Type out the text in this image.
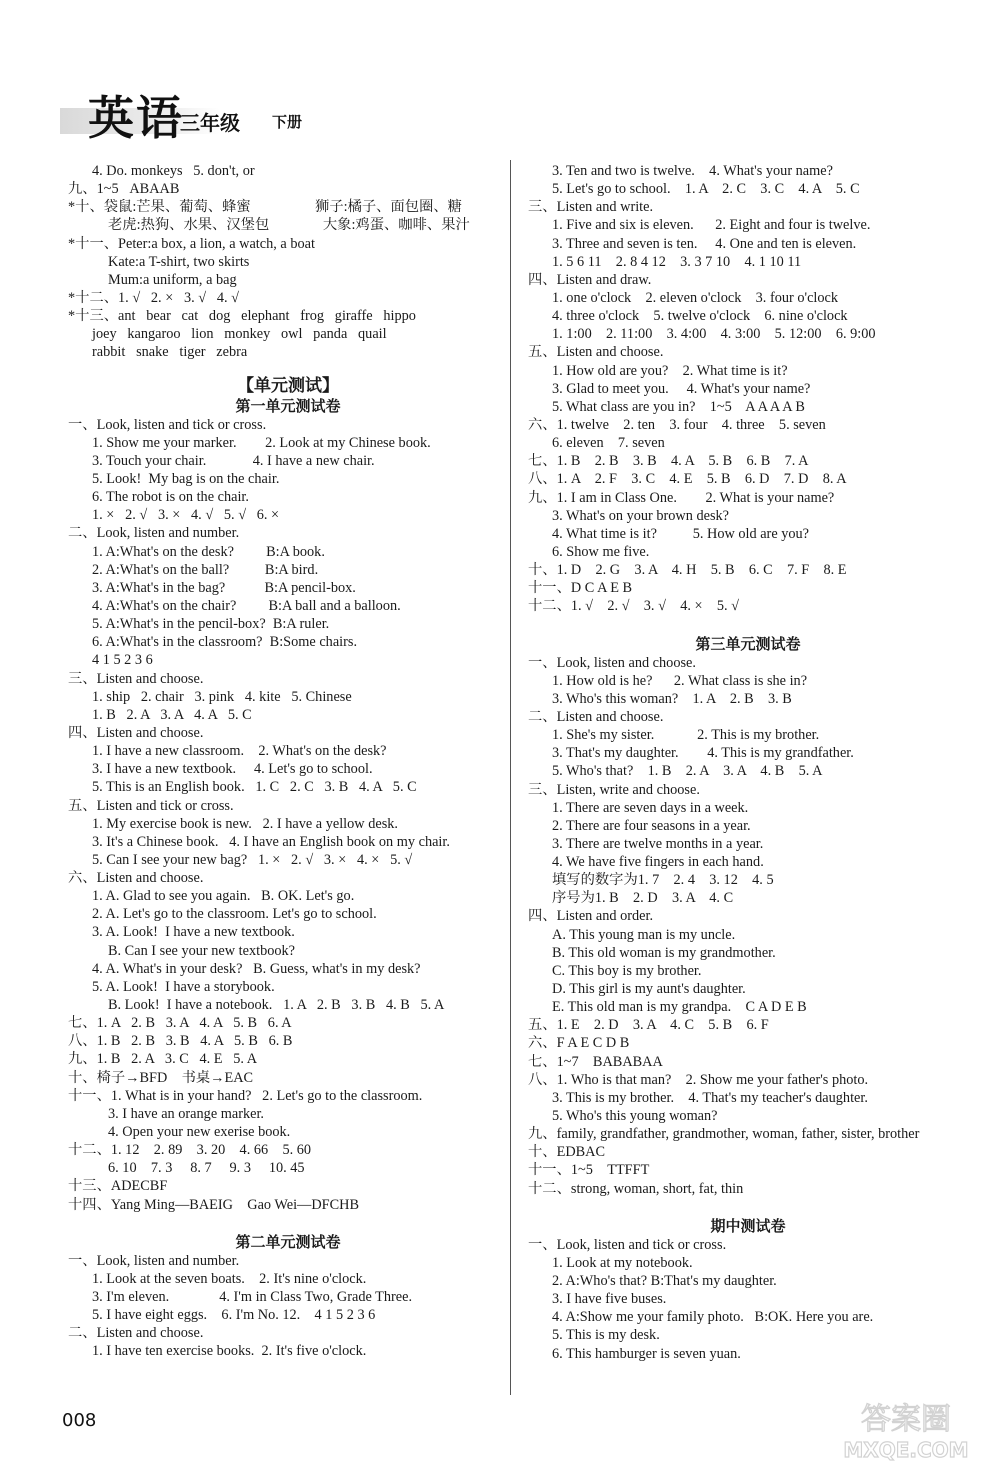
英语
三年级 下册
4. Do. monkeys   5. don't, or
九、1~5   ABAAB
*十、袋鼠:芒果、葡萄、蜂蜜                  狮子:橘子、面包圈、糖
老虎:热狗、水果、汉堡包               大象:鸡蛋、咖啡、果汁
*十一、Peter:a box, a lion, a watch, a boat
Kate:a T-shirt, two skirts
Mum:a uniform, a bag
*十二、1. √   2. ×   3. √   4. √
*十三、ant   bear   cat   dog   elephant   frog   giraffe   hippo
joey   kangaroo   lion   monkey   owl   panda   quail
rabbit   snake   tiger   zebra
【单元测试】
第一单元测试卷
一、Look, listen and tick or cross.
1. Show me your marker.        2. Look at my Chinese book.
3. Touch your chair.             4. I have a new chair.
5. Look!  My bag is on the chair.
6. The robot is on the chair.
1. ×   2. √   3. ×   4. √   5. √   6. ×
二、Look, listen and number.
1. A:What's on the desk?         B:A book.
2. A:What's on the ball?          B:A bird.
3. A:What's in the bag?           B:A pencil-box.
4. A:What's on the chair?         B:A ball and a balloon.
5. A:What's in the pencil-box?  B:A ruler.
6. A:What's in the classroom?  B:Some chairs.
4 1 5 2 3 6
三、Listen and choose.
1. ship   2. chair   3. pink   4. kite   5. Chinese
1. B   2. A   3. A   4. A   5. C
四、Listen and choose.
1. I have a new classroom.    2. What's on the desk?
3. I have a new textbook.     4. Let's go to school.
5. This is an English book.   1. C   2. C   3. B   4. A   5. C
五、Listen and tick or cross.
1. My exercise book is new.   2. I have a yellow desk.
3. It's a Chinese book.   4. I have an English book on my chair.
5. Can I see your new bag?   1. ×   2. √   3. ×   4. ×   5. √
六、Listen and choose.
1. A. Glad to see you again.   B. OK. Let's go.
2. A. Let's go to the classroom. Let's go to school.
3. A. Look!  I have a new textbook.
B. Can I see your new textbook?
4. A. What's in your desk?   B. Guess, what's in my desk?
5. A. Look!  I have a storybook.
B. Look!  I have a notebook.   1. A   2. B   3. B   4. B   5. A
七、1. A   2. B   3. A   4. A   5. B   6. A
八、1. B   2. B   3. B   4. A   5. B   6. B
九、1. B   2. A   3. C   4. E   5. A
十、椅子→BFD    书桌→EAC
十一、1. What is in your hand?   2. Let's go to the classroom.
3. I have an orange marker.
4. Open your new exerise book.
十二、1. 12    2. 89    3. 20    4. 66    5. 60
6. 10    7. 3     8. 7     9. 3     10. 45
十三、ADECBF
十四、Yang Ming—BAEIG    Gao Wei—DFCHB
第二单元测试卷
一、Look, listen and number.
1. Look at the seven boats.    2. It's nine o'clock.
3. I'm eleven.              4. I'm in Class Two, Grade Three.
5. I have eight eggs.    6. I'm No. 12.    4 1 5 2 3 6
二、Listen and choose.
1. I have ten exercise books.  2. It's five o'clock.
3. Ten and two is twelve.    4. What's your name?
5. Let's go to school.    1. A    2. C    3. C    4. A    5. C
三、Listen and write.
1. Five and six is eleven.      2. Eight and four is twelve.
3. Three and seven is ten.     4. One and ten is eleven.
1. 5 6 11    2. 8 4 12    3. 3 7 10    4. 1 10 11
四、Listen and draw.
1. one o'clock    2. eleven o'clock    3. four o'clock
4. three o'clock    5. twelve o'clock    6. nine o'clock
1. 1:00    2. 11:00    3. 4:00    4. 3:00    5. 12:00    6. 9:00
五、Listen and choose.
1. How old are you?    2. What time is it?
3. Glad to meet you.     4. What's your name?
5. What class are you in?    1~5    A A A A B
六、1. twelve    2. ten    3. four    4. three    5. seven
6. eleven    7. seven
七、1. B    2. B    3. B    4. A    5. B    6. B    7. A
八、1. A    2. F    3. C    4. E    5. B    6. D    7. D    8. A
九、1. I am in Class One.        2. What is your name?
3. What's on your brown desk?
4. What time is it?          5. How old are you?
6. Show me five.
十、1. D    2. G    3. A    4. H    5. B    6. C    7. F    8. E
十一、D C A E B
十二、1. √    2. √    3. √    4. ×    5. √
第三单元测试卷
一、Look, listen and choose.
1. How old is he?      2. What class is she in?
3. Who's this woman?    1. A    2. B    3. B
二、Listen and choose.
1. She's my sister.            2. This is my brother.
3. That's my daughter.        4. This is my grandfather.
5. Who's that?    1. B    2. A    3. A    4. B    5. A
三、Listen, write and choose.
1. There are seven days in a week.
2. There are four seasons in a year.
3. There are twelve months in a year.
4. We have five fingers in each hand.
填写的数字为1. 7    2. 4    3. 12    4. 5
序号为1. B    2. D    3. A    4. C
四、Listen and order.
A. This young man is my uncle.
B. This old woman is my grandmother.
C. This boy is my brother.
D. This girl is my aunt's daughter.
E. This old man is my grandpa.    C A D E B
五、1. E    2. D    3. A    4. C    5. B    6. F
六、F A E C D B
七、1~7    BABABAA
八、1. Who is that man?    2. Show me your father's photo.
3. This is my brother.    4. That's my teacher's daughter.
5. Who's this young woman?
九、family, grandfather, grandmother, woman, father, sister, brother
十、EDBAC
十一、1~5    TTFFT
十二、strong, woman, short, fat, thin
期中测试卷
一、Look, listen and tick or cross.
1. Look at my notebook.
2. A:Who's that? B:That's my daughter.
3. I have five buses.
4. A:Show me your family photo.   B:OK. Here you are.
5. This is my desk.
6. This hamburger is seven yuan.
008	答案圈
MXQE.COM
